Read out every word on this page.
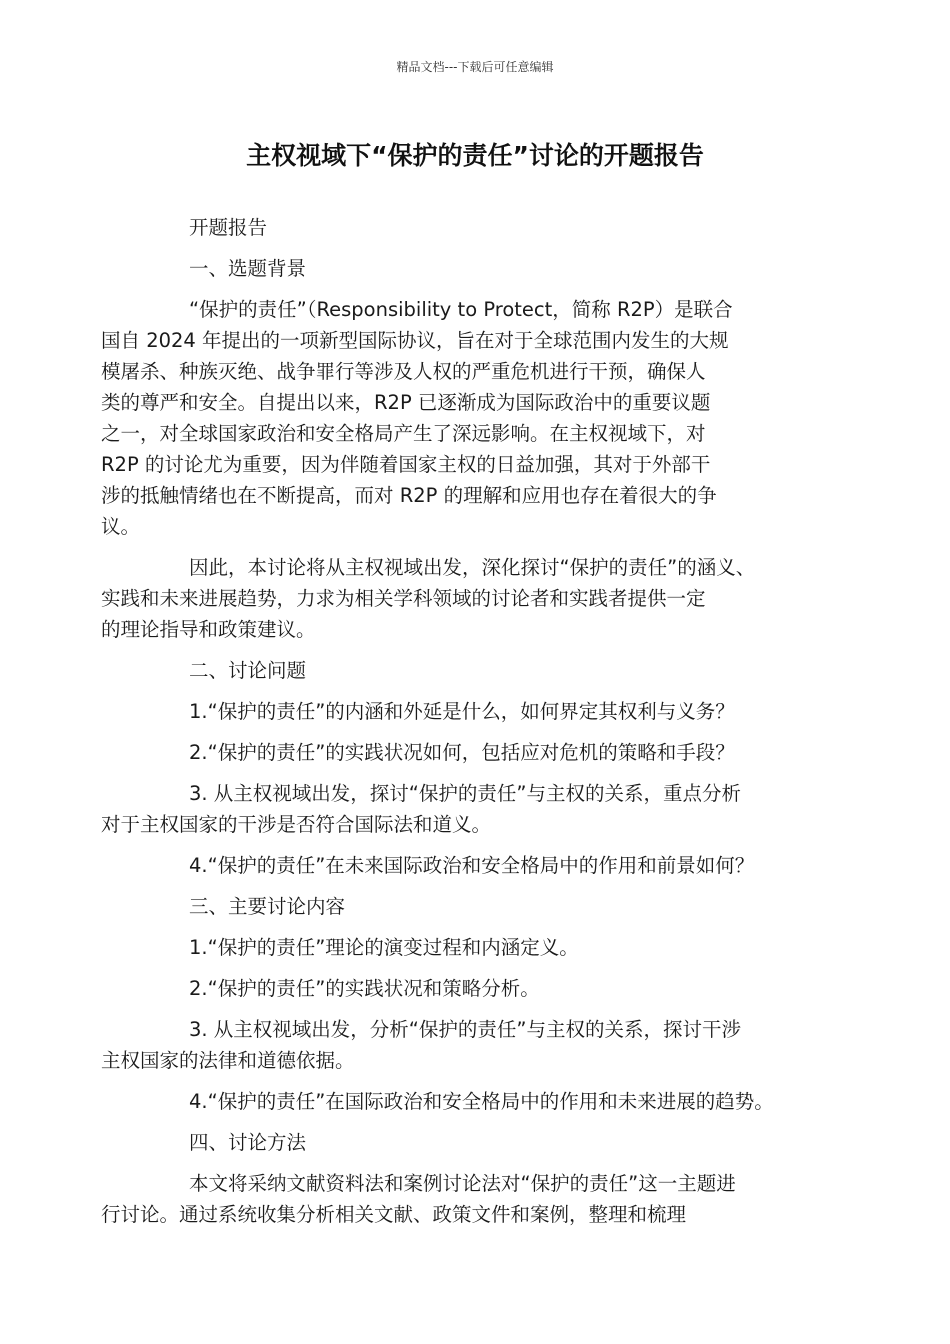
精品文档---下载后可任意编辑
主权视域下“保护的责任”讨论的开题报告
开题报告
一、选题背景
“保护的责任”（Responsibility to Protect，简称 R2P）是联合
国自 2024 年提出的一项新型国际协议，旨在对于全球范围内发生的大规
模屠杀、种族灭绝、战争罪行等涉及人权的严重危机进行干预，确保人
类的尊严和安全。自提出以来，R2P 已逐渐成为国际政治中的重要议题
之一，对全球国家政治和安全格局产生了深远影响。在主权视域下，对
R2P 的讨论尤为重要，因为伴随着国家主权的日益加强，其对于外部干
涉的抵触情绪也在不断提高，而对 R2P 的理解和应用也存在着很大的争
议。
因此，本讨论将从主权视域出发，深化探讨“保护的责任”的涵义、
实践和未来进展趋势，力求为相关学科领域的讨论者和实践者提供一定
的理论指导和政策建议。
二、讨论问题
1.“保护的责任”的内涵和外延是什么，如何界定其权利与义务？
2.“保护的责任”的实践状况如何，包括应对危机的策略和手段？
3. 从主权视域出发，探讨“保护的责任”与主权的关系，重点分析
对于主权国家的干涉是否符合国际法和道义。
4.“保护的责任”在未来国际政治和安全格局中的作用和前景如何？
三、主要讨论内容
1.“保护的责任”理论的演变过程和内涵定义。
2.“保护的责任”的实践状况和策略分析。
3. 从主权视域出发，分析“保护的责任”与主权的关系，探讨干涉
主权国家的法律和道德依据。
4.“保护的责任”在国际政治和安全格局中的作用和未来进展的趋势。
四、讨论方法
本文将采纳文献资料法和案例讨论法对“保护的责任”这一主题进
行讨论。通过系统收集分析相关文献、政策文件和案例，整理和梳理
